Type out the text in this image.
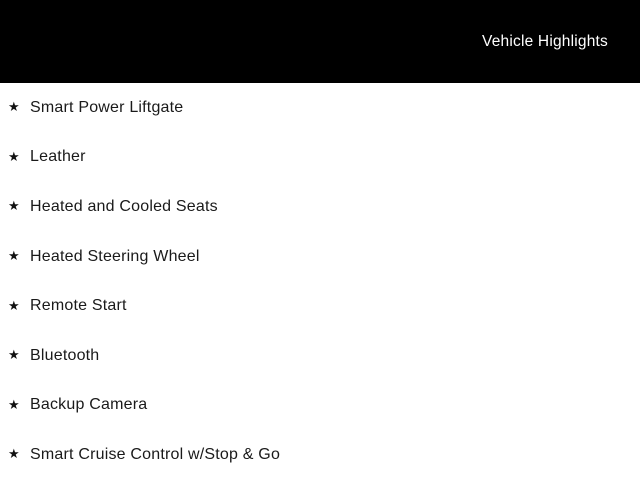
Vehicle Highlights
★ Smart Power Liftgate
★ Leather
★ Heated and Cooled Seats
★ Heated Steering Wheel
★ Remote Start
★ Bluetooth
★ Backup Camera
★ Smart Cruise Control w/Stop & Go
